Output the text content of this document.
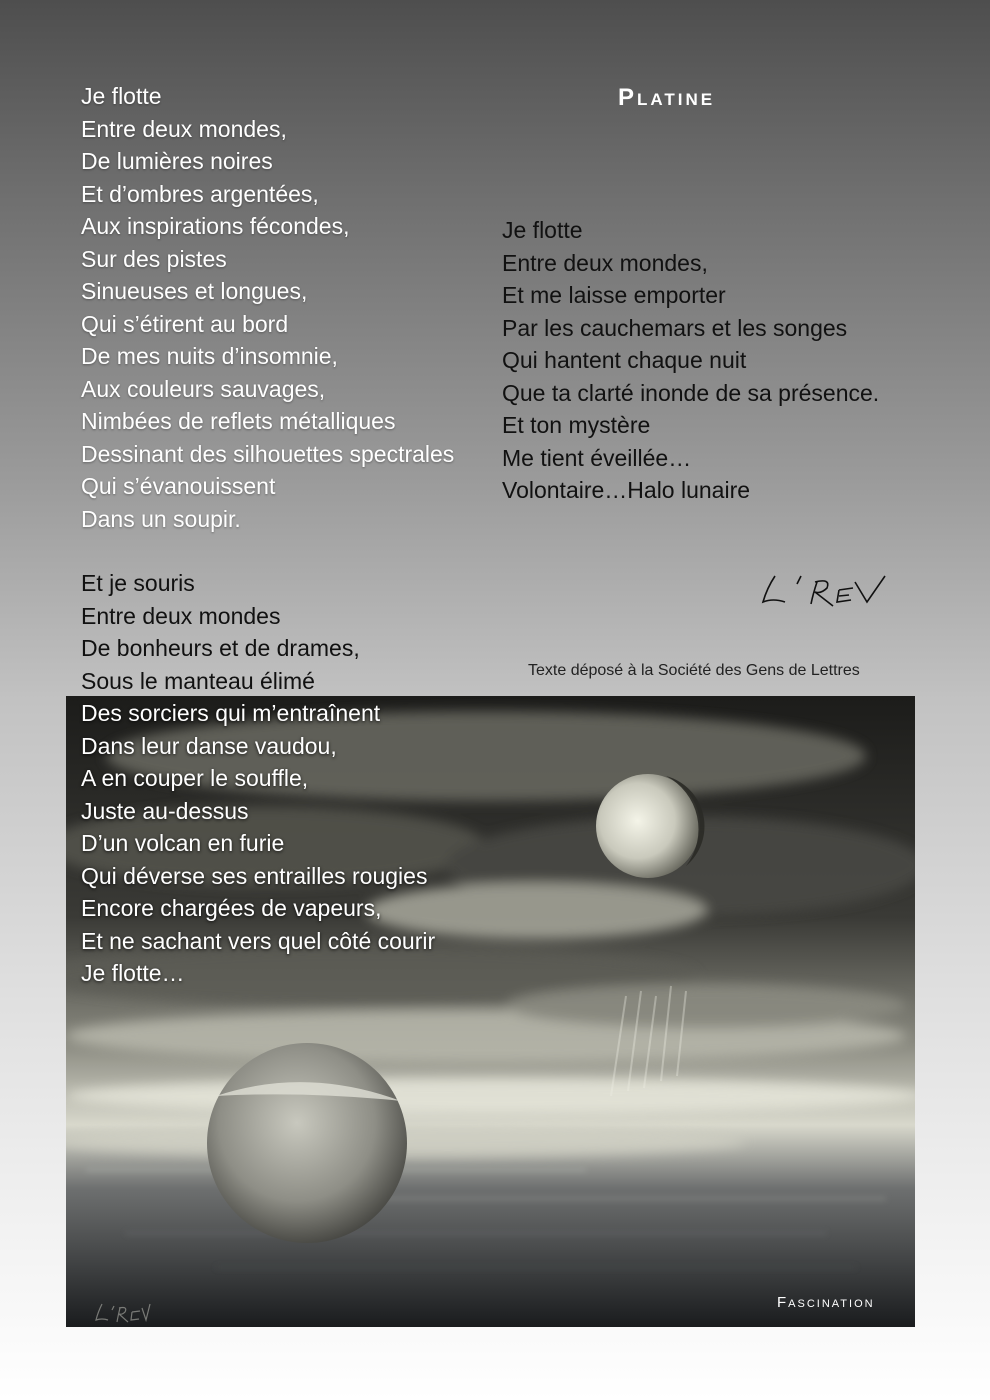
Platine
Je flotte
Entre deux mondes,
De lumières noires
Et d’ombres argentées,
Aux inspirations fécondes,
Sur des pistes
Sinueuses et longues,
Qui s’étirent au bord
De mes nuits d’insomnie,
Aux couleurs sauvages,
Nimbées de reflets métalliques
Dessinant des silhouettes spectrales
Qui s’évanouissent
Dans un soupir.
Et je souris
Entre deux mondes
De bonheurs et de drames,
Sous le manteau élimé
Des sorciers qui m’entraînent
Dans leur danse vaudou,
A en couper le souffle,
Juste au-dessus
D’un volcan en furie
Qui déverse ses entrailles rougies
Encore chargées de vapeurs,
Et ne sachant vers quel côté courir
Je flotte…
Je flotte
Entre deux mondes,
Et me laisse emporter
Par les cauchemars et les songes
Qui hantent chaque nuit
Que ta clarté inonde de sa présence.
Et ton mystère
Me tient éveillée…
Volontaire…Halo lunaire
Texte déposé à la Société des Gens de Lettres
Fascination
